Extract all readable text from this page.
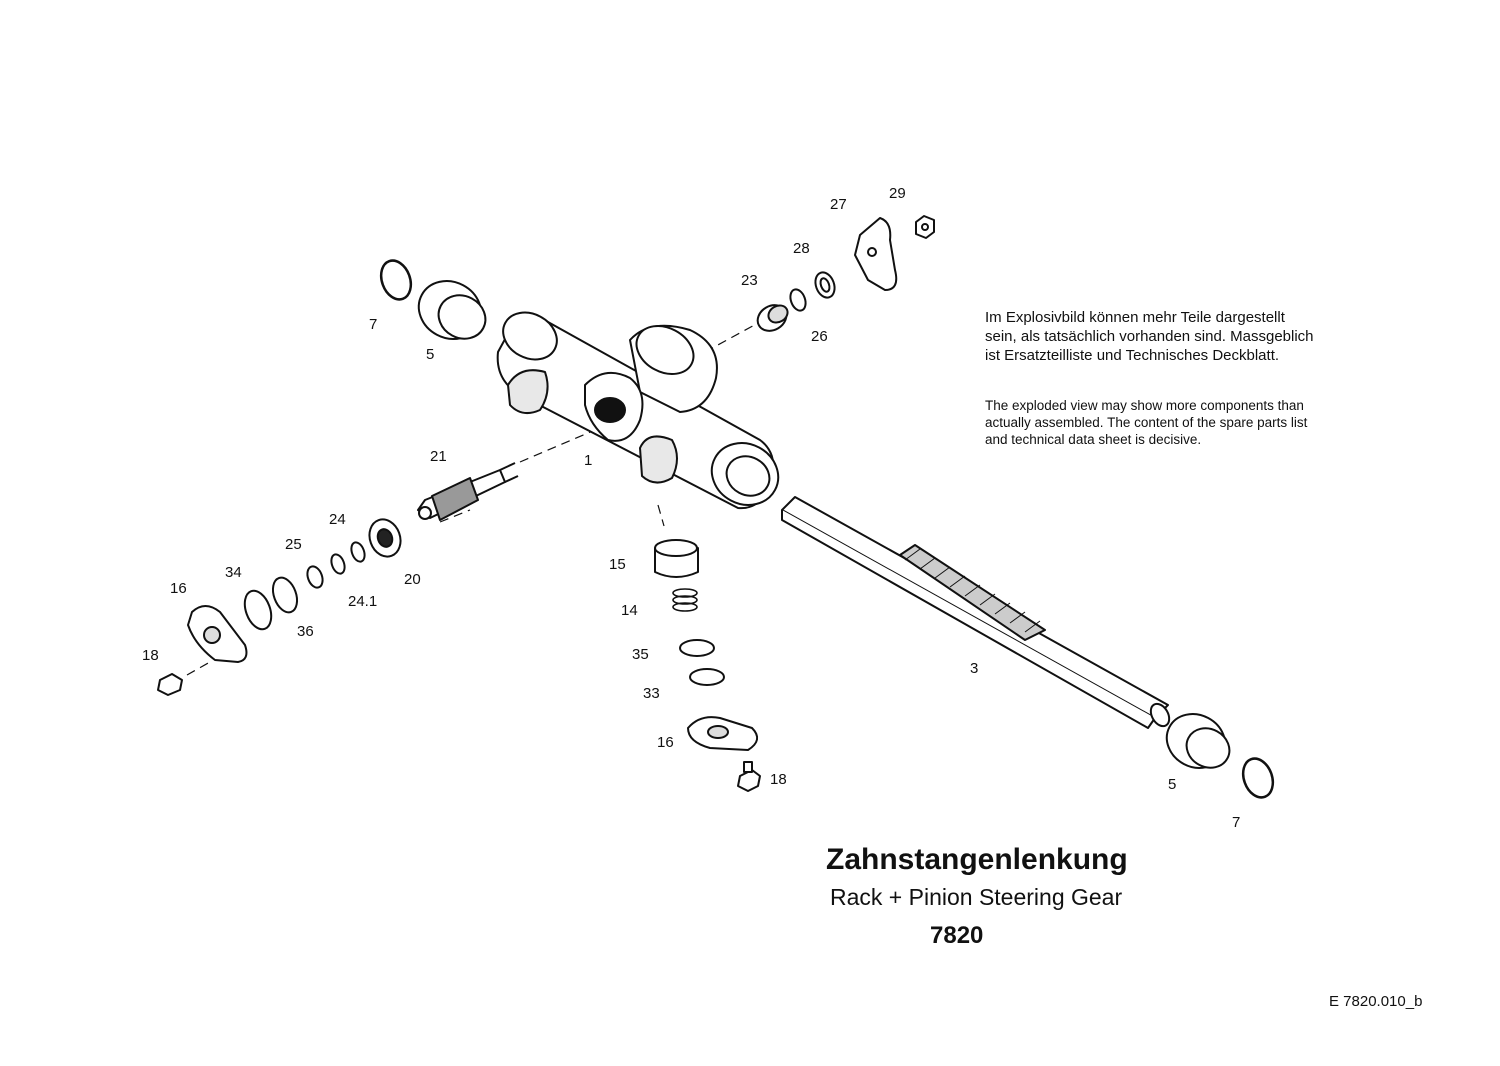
1
3
5
5
7
7
14
15
16
16
18
18
20
21
23
24
24.1
25
26
27
28
29
33
34
35
36
Im Explosivbild können mehr Teile dargestellt
sein, als tatsächlich vorhanden sind. Massgeblich
ist Ersatzteilliste und Technisches Deckblatt.
The exploded view may show more components than
actually assembled. The content of the spare parts list
and technical data sheet is decisive.
Zahnstangenlenkung
Rack + Pinion Steering Gear
7820
E 7820.010_b
